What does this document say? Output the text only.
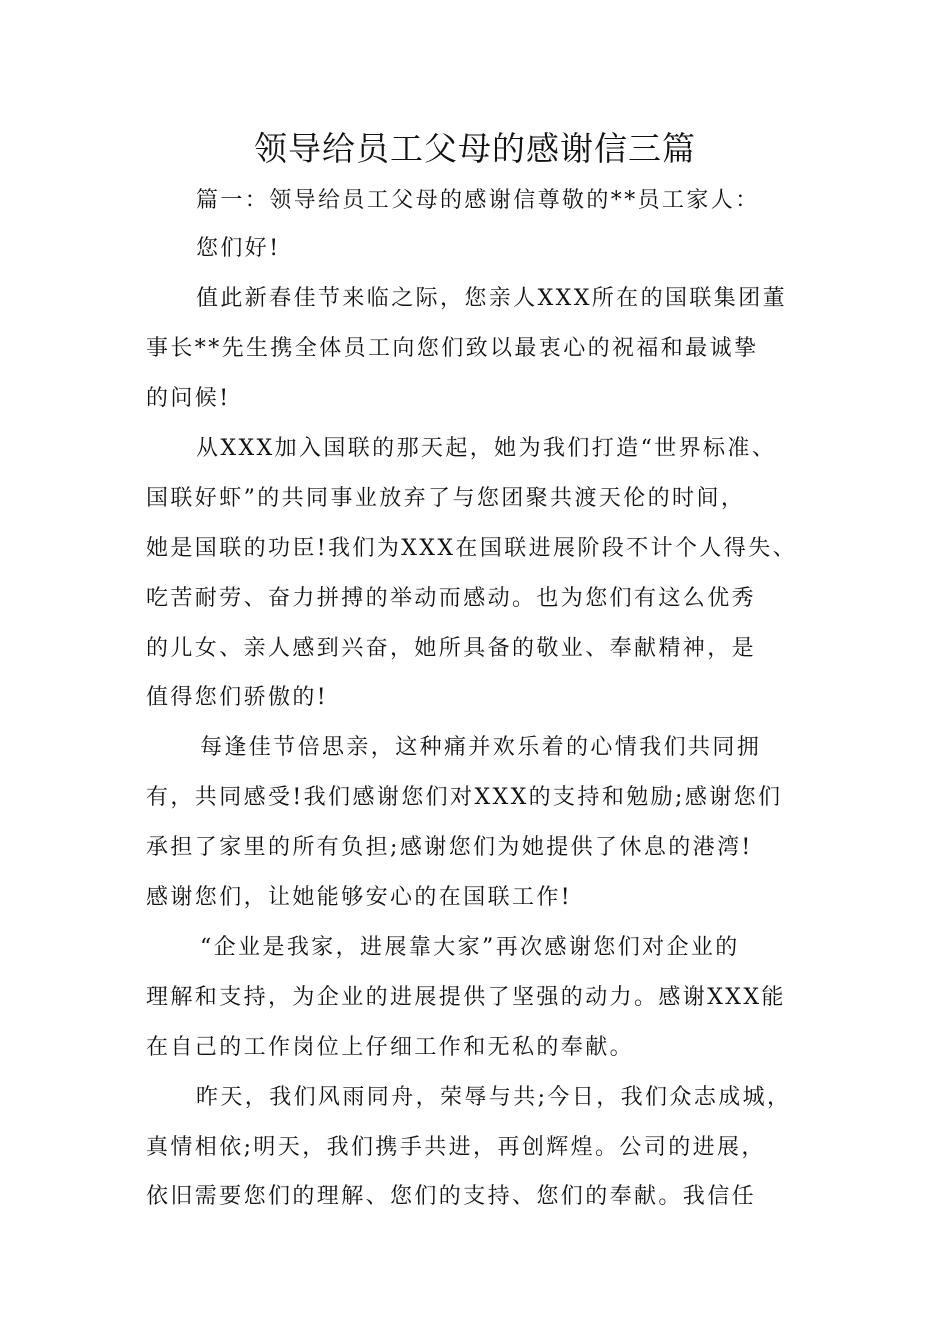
领导给员工父母的感谢信三篇
篇一：领导给员工父母的感谢信尊敬的**员工家人：
您们好!
值此新春佳节来临之际，您亲人XXX所在的国联集团董
事长**先生携全体员工向您们致以最衷心的祝福和最诚挚
的问候!
从XXX加入国联的那天起，她为我们打造“世界标准、
国联好虾”的共同事业放弃了与您团聚共渡天伦的时间，
她是国联的功臣!我们为XXX在国联进展阶段不计个人得失、
吃苦耐劳、奋力拼搏的举动而感动。也为您们有这么优秀
的儿女、亲人感到兴奋，她所具备的敬业、奉献精神，是
值得您们骄傲的!
每逢佳节倍思亲，这种痛并欢乐着的心情我们共同拥
有，共同感受!我们感谢您们对XXX的支持和勉励;感谢您们
承担了家里的所有负担;感谢您们为她提供了休息的港湾!
感谢您们，让她能够安心的在国联工作!
“企业是我家，进展靠大家”再次感谢您们对企业的
理解和支持，为企业的进展提供了坚强的动力。感谢XXX能
在自己的工作岗位上仔细工作和无私的奉献。
昨天，我们风雨同舟，荣辱与共;今日，我们众志成城，
真情相依;明天，我们携手共进，再创辉煌。公司的进展，
依旧需要您们的理解、您们的支持、您们的奉献。我信任
